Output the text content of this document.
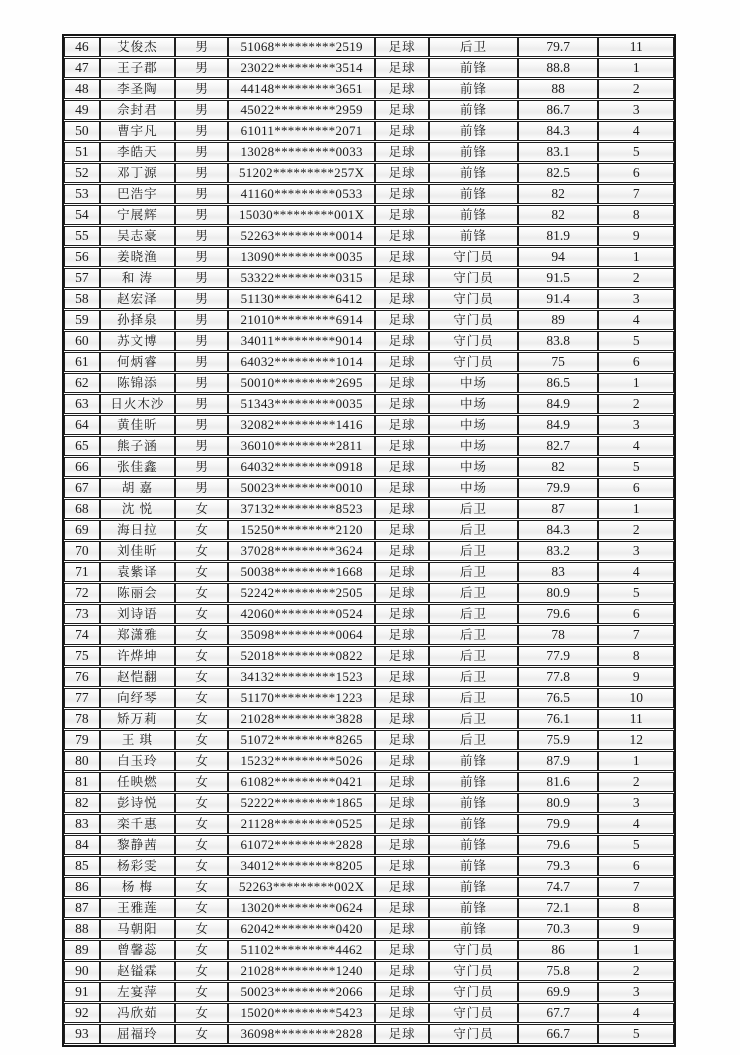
46	艾俊杰	男	51068*********2519	足球	后卫	79.7	11
47	王子郡	男	23022*********3514	足球	前锋	88.8	1
48	李圣陶	男	44148*********3651	足球	前锋	88	2
49	佘封君	男	45022*********2959	足球	前锋	86.7	3
50	曹宇凡	男	61011*********2071	足球	前锋	84.3	4
51	李皓天	男	13028*********0033	足球	前锋	83.1	5
52	邓丁源	男	51202*********257X	足球	前锋	82.5	6
53	巴浩宇	男	41160*********0533	足球	前锋	82	7
54	宁展辉	男	15030*********001X	足球	前锋	82	8
55	吴志豪	男	52263*********0014	足球	前锋	81.9	9
56	姜晓渔	男	13090*********0035	足球	守门员	94	1
57	和 涛	男	53322*********0315	足球	守门员	91.5	2
58	赵宏泽	男	51130*********6412	足球	守门员	91.4	3
59	孙择泉	男	21010*********6914	足球	守门员	89	4
60	苏文博	男	34011*********9014	足球	守门员	83.8	5
61	何炳睿	男	64032*********1014	足球	守门员	75	6
62	陈锦添	男	50010*********2695	足球	中场	86.5	1
63	日火木沙	男	51343*********0035	足球	中场	84.9	2
64	黄佳昕	男	32082*********1416	足球	中场	84.9	3
65	熊子涵	男	36010*********2811	足球	中场	82.7	4
66	张佳鑫	男	64032*********0918	足球	中场	82	5
67	胡 嘉	男	50023*********0010	足球	中场	79.9	6
68	沈 悦	女	37132*********8523	足球	后卫	87	1
69	海日拉	女	15250*********2120	足球	后卫	84.3	2
70	刘佳昕	女	37028*********3624	足球	后卫	83.2	3
71	袁紫译	女	50038*********1668	足球	后卫	83	4
72	陈丽会	女	52242*********2505	足球	后卫	80.9	5
73	刘诗语	女	42060*********0524	足球	后卫	79.6	6
74	郑潇雅	女	35098*********0064	足球	后卫	78	7
75	许烨坤	女	52018*********0822	足球	后卫	77.9	8
76	赵恺翻	女	34132*********1523	足球	后卫	77.8	9
77	向纾琴	女	51170*********1223	足球	后卫	76.5	10
78	矫万莉	女	21028*********3828	足球	后卫	76.1	11
79	王 琪	女	51072*********8265	足球	后卫	75.9	12
80	白玉玲	女	15232*********5026	足球	前锋	87.9	1
81	任映燃	女	61082*********0421	足球	前锋	81.6	2
82	彭诗悦	女	52222*********1865	足球	前锋	80.9	3
83	栾千惠	女	21128*********0525	足球	前锋	79.9	4
84	黎静茜	女	61072*********2828	足球	前锋	79.6	5
85	杨彩雯	女	34012*********8205	足球	前锋	79.3	6
86	杨 梅	女	52263*********002X	足球	前锋	74.7	7
87	王雅莲	女	13020*********0624	足球	前锋	72.1	8
88	马朝阳	女	62042*********0420	足球	前锋	70.3	9
89	曾馨蕊	女	51102*********4462	足球	守门员	86	1
90	赵镒霖	女	21028*********1240	足球	守门员	75.8	2
91	左宴萍	女	50023*********2066	足球	守门员	69.9	3
92	冯欣茹	女	15020*********5423	足球	守门员	67.7	4
93	屈福玲	女	36098*********2828	足球	守门员	66.7	5
